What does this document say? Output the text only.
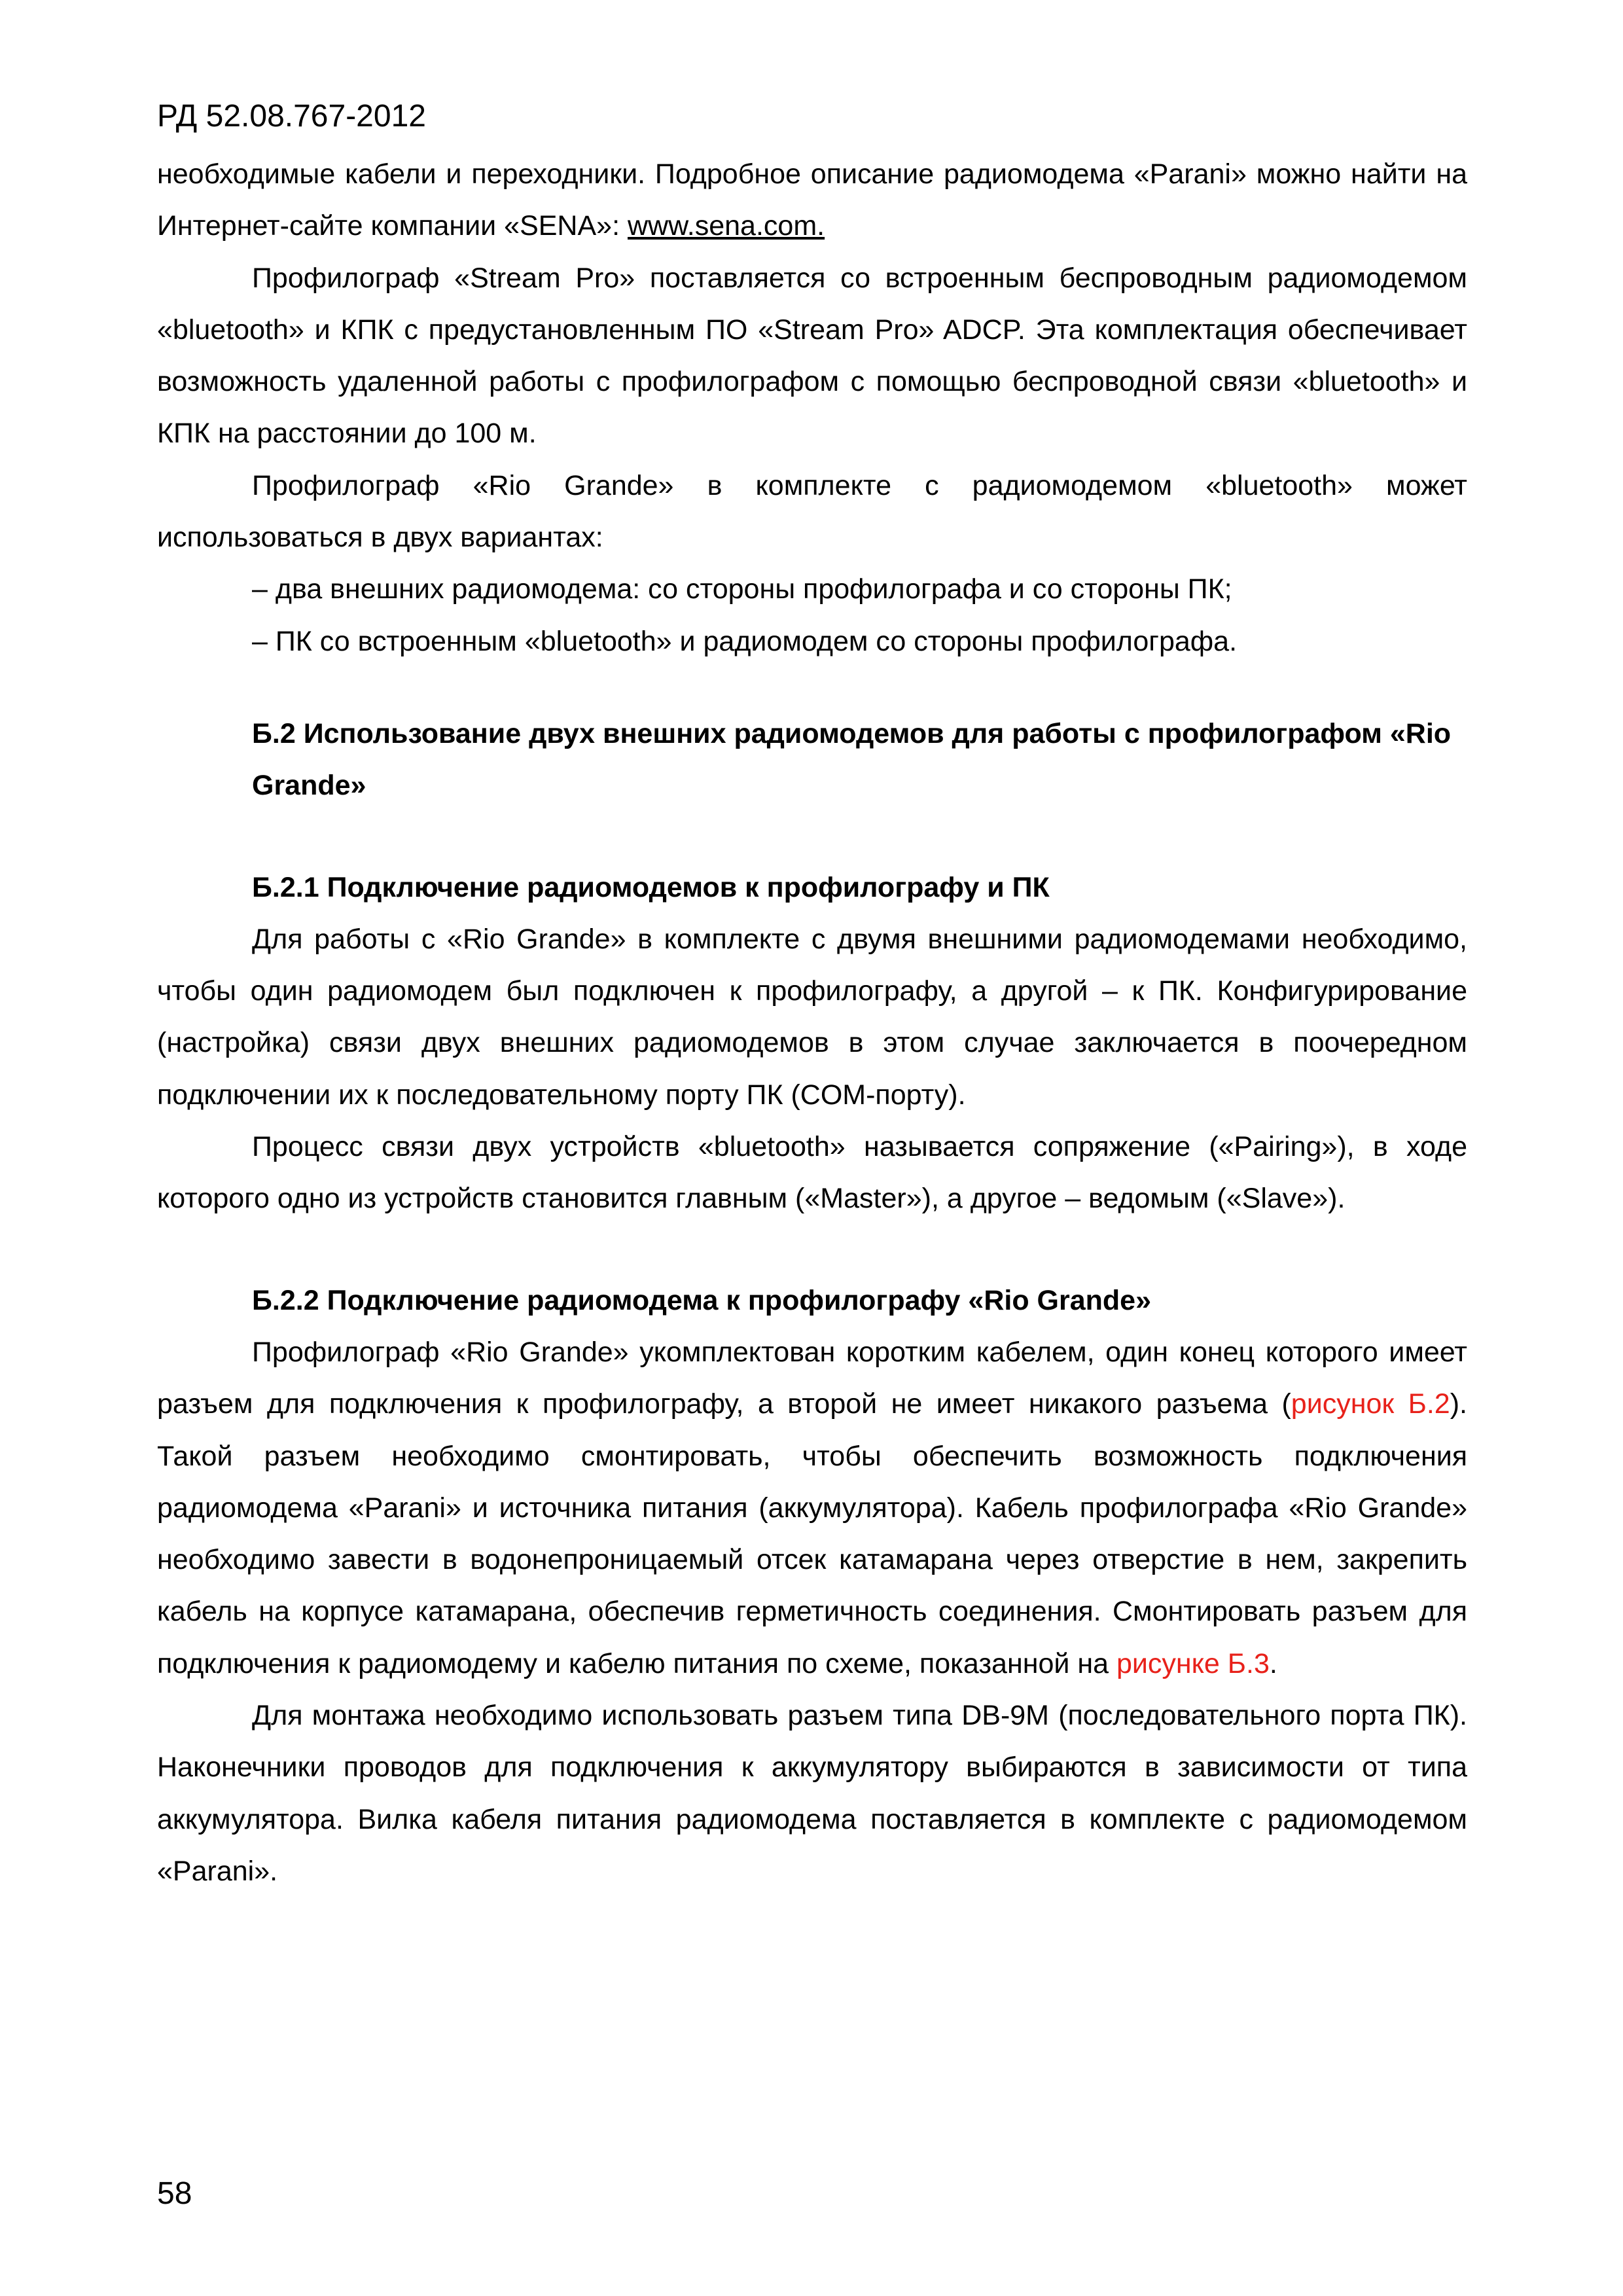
РД 52.08.767-2012

необходимые кабели и переходники. Подробное описание радиомодема «Parani» можно найти на Интернет-сайте компании «SENA»: www.sena.com.

Профилограф «Stream Pro» поставляется со встроенным беспроводным радиомодемом «bluetooth» и КПК с предустановленным ПО «Stream Pro» ADCP. Эта комплектация обеспечивает возможность удаленной работы с профилографом с помощью беспроводной связи «bluetooth» и КПК на расстоянии до 100 м.

Профилограф «Rio Grande» в комплекте с радиомодемом «bluetooth» может использоваться в двух вариантах:

– два внешних радиомодема: со стороны профилографа и со стороны ПК;

– ПК со встроенным «bluetooth» и радиомодем со стороны профилографа.

Б.2 Использование двух внешних радиомодемов для работы с профилографом «Rio Grande»
Б.2.1 Подключение радиомодемов к профилографу и ПК

Для работы с «Rio Grande» в комплекте с двумя внешними радиомодемами необходимо, чтобы один радиомодем был подключен к профилографу, а другой – к ПК. Конфигурирование (настройка) связи двух внешних радиомодемов в этом случае заключается в поочередном подключении их к последовательному порту ПК (COM-порту).

Процесс связи двух устройств «bluetooth» называется сопряжение («Pairing»), в ходе которого одно из устройств становится главным («Master»), а другое – ведомым («Slave»).

Б.2.2 Подключение радиомодема к профилографу «Rio Grande»

Профилограф «Rio Grande» укомплектован коротким кабелем, один конец которого имеет разъем для подключения к профилографу, а второй не имеет никакого разъема (рисунок Б.2). Такой разъем необходимо смонтировать, чтобы обеспечить возможность подключения радиомодема «Parani» и источника питания (аккумулятора). Кабель профилографа «Rio Grande» необходимо завести в водонепроницаемый отсек катамарана через отверстие в нем, закрепить кабель на корпусе катамарана, обеспечив герметичность соединения. Смонтировать разъем для подключения к радиомодему и кабелю питания по схеме, показанной на рисунке Б.3.

Для монтажа необходимо использовать разъем типа DB-9M (последовательного порта ПК). Наконечники проводов для подключения к аккумулятору выбираются в зависимости от типа аккумулятора. Вилка кабеля питания радиомодема поставляется в комплекте с радиомодемом «Parani».

58
